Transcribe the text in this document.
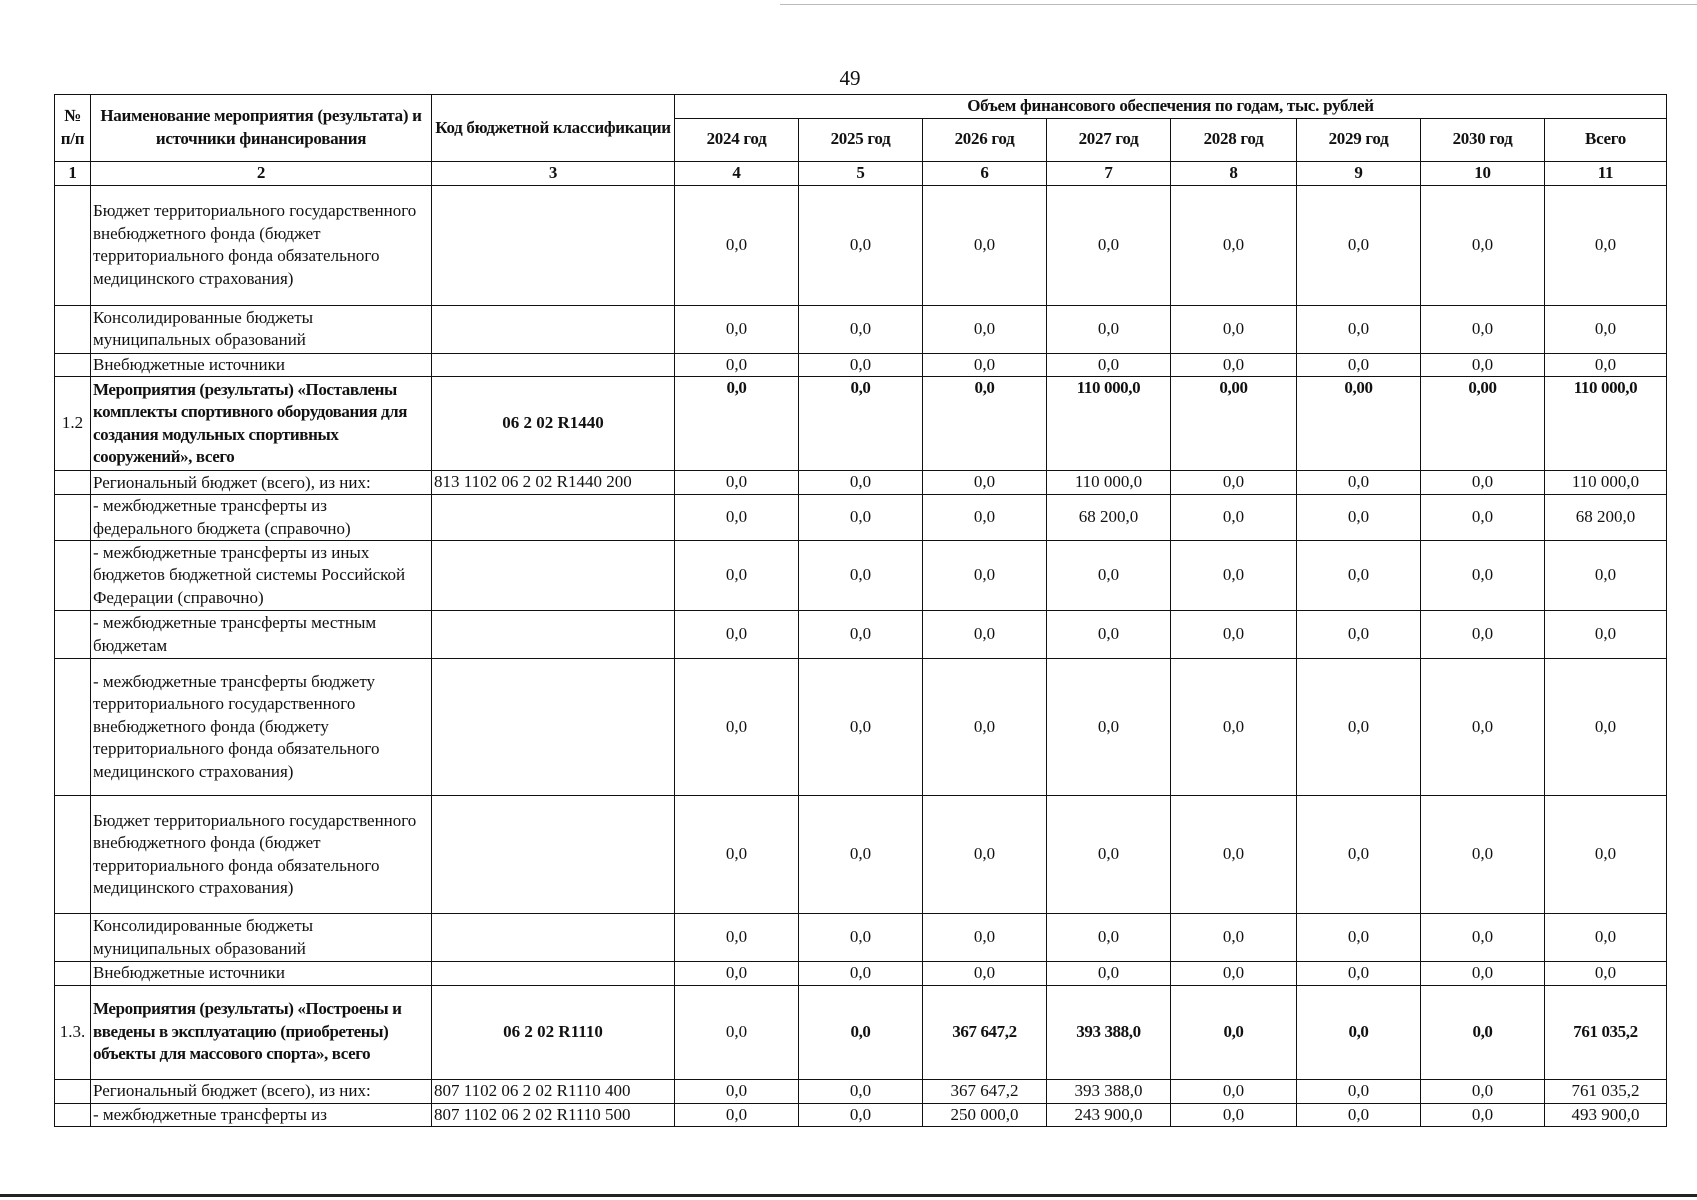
49
№ п/п	Наименование мероприятия (результата) и источники финансирования	Код бюджетной классификации	Объем финансового обеспечения по годам, тыс. рублей							
			2024 год	2025 год	2026 год	2027 год	2028 год	2029 год	2030 год	Всего
1	2	3	4	5	6	7	8	9	10	11
	Бюджет территориального государственного внебюджетного фонда (бюджет территориального фонда обязательного медицинского страхования)		0,0	0,0	0,0	0,0	0,0	0,0	0,0	0,0
	Консолидированные бюджеты муниципальных образований		0,0	0,0	0,0	0,0	0,0	0,0	0,0	0,0
	Внебюджетные источники		0,0	0,0	0,0	0,0	0,0	0,0	0,0	0,0
1.2	Мероприятия (результаты) «Поставлены комплекты спортивного оборудования для создания модульных спортивных сооружений», всего	06 2 02 R1440	0,0	0,0	0,0	110 000,0	0,00	0,00	0,00	110 000,0
	Региональный бюджет (всего), из них:	813 1102 06 2 02 R1440 200	0,0	0,0	0,0	110 000,0	0,0	0,0	0,0	110 000,0
	- межбюджетные трансферты из федерального бюджета (справочно)		0,0	0,0	0,0	68 200,0	0,0	0,0	0,0	68 200,0
	- межбюджетные трансферты из иных бюджетов бюджетной системы Российской Федерации (справочно)		0,0	0,0	0,0	0,0	0,0	0,0	0,0	0,0
	- межбюджетные трансферты местным бюджетам		0,0	0,0	0,0	0,0	0,0	0,0	0,0	0,0
	- межбюджетные трансферты бюджету территориального государственного внебюджетного фонда (бюджету территориального фонда обязательного медицинского страхования)		0,0	0,0	0,0	0,0	0,0	0,0	0,0	0,0
	Бюджет территориального государственного внебюджетного фонда (бюджет территориального фонда обязательного медицинского страхования)		0,0	0,0	0,0	0,0	0,0	0,0	0,0	0,0
	Консолидированные бюджеты муниципальных образований		0,0	0,0	0,0	0,0	0,0	0,0	0,0	0,0
	Внебюджетные источники		0,0	0,0	0,0	0,0	0,0	0,0	0,0	0,0
1.3.	Мероприятия (результаты) «Построены и введены в эксплуатацию (приобретены) объекты для массового спорта», всего	06 2 02 R1110	0,0	0,0	367 647,2	393 388,0	0,0	0,0	0,0	761 035,2
	Региональный бюджет (всего), из них:	807 1102 06 2 02 R1110 400	0,0	0,0	367 647,2	393 388,0	0,0	0,0	0,0	761 035,2
	- межбюджетные трансферты из	807 1102 06 2 02 R1110 500	0,0	0,0	250 000,0	243 900,0	0,0	0,0	0,0	493 900,0
